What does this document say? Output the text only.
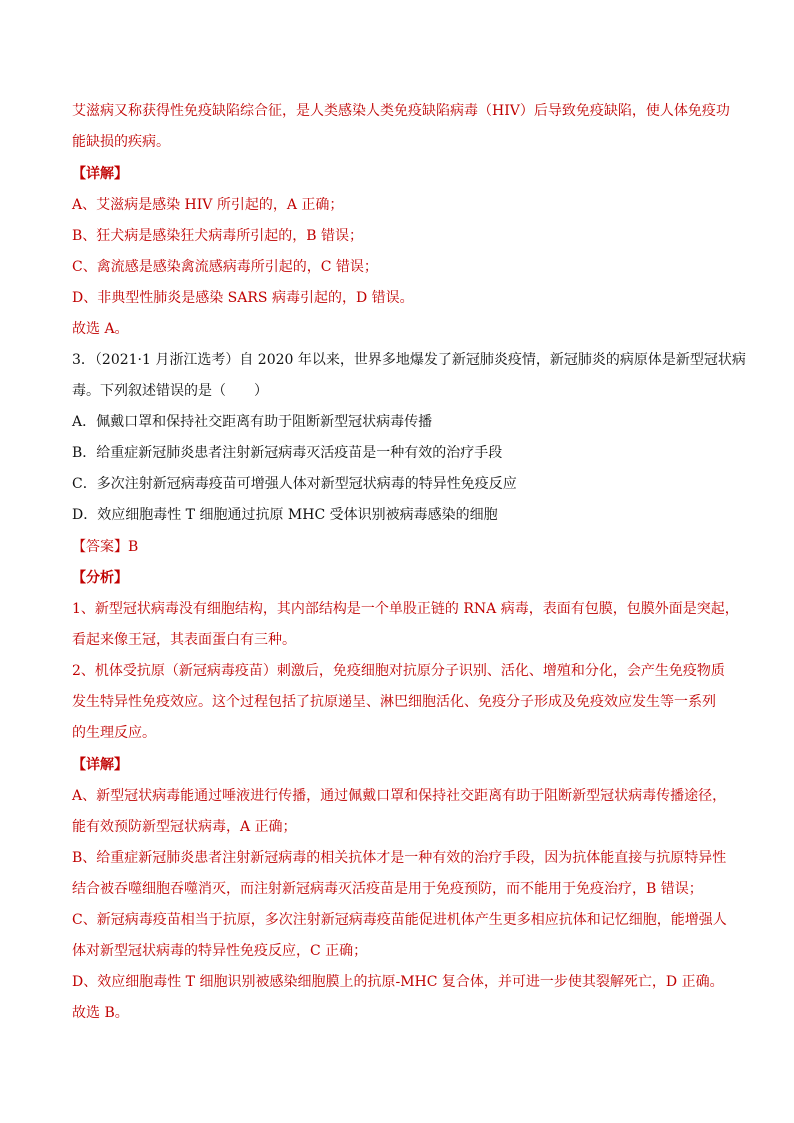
艾滋病又称获得性免疫缺陷综合征，是人类感染人类免疫缺陷病毒（HIV）后导致免疫缺陷，使人体免疫功
能缺损的疾病。
【详解】
A、艾滋病是感染 HIV 所引起的，A 正确；
B、狂犬病是感染狂犬病毒所引起的，B 错误；
C、禽流感是感染禽流感病毒所引起的，C 错误；
D、非典型性肺炎是感染 SARS 病毒引起的，D 错误。
故选 A。
3．（2021·1 月浙江选考）自 2020 年以来，世界多地爆发了新冠肺炎疫情，新冠肺炎的病原体是新型冠状病
毒。下列叙述错误的是（　　）
A．佩戴口罩和保持社交距离有助于阻断新型冠状病毒传播
B．给重症新冠肺炎患者注射新冠病毒灭活疫苗是一种有效的治疗手段
C．多次注射新冠病毒疫苗可增强人体对新型冠状病毒的特异性免疫反应
D．效应细胞毒性 T 细胞通过抗原 MHC 受体识别被病毒感染的细胞
【答案】B
【分析】
1、新型冠状病毒没有细胞结构，其内部结构是一个单股正链的 RNA 病毒，表面有包膜，包膜外面是突起，
看起来像王冠，其表面蛋白有三种。
2、机体受抗原（新冠病毒疫苗）刺激后，免疫细胞对抗原分子识别、活化、增殖和分化，会产生免疫物质
发生特异性免疫效应。这个过程包括了抗原递呈、淋巴细胞活化、免疫分子形成及免疫效应发生等一系列
的生理反应。
【详解】
A、新型冠状病毒能通过唾液进行传播，通过佩戴口罩和保持社交距离有助于阻断新型冠状病毒传播途径，
能有效预防新型冠状病毒，A 正确；
B、给重症新冠肺炎患者注射新冠病毒的相关抗体才是一种有效的治疗手段，因为抗体能直接与抗原特异性
结合被吞噬细胞吞噬消灭，而注射新冠病毒灭活疫苗是用于免疫预防，而不能用于免疫治疗，B 错误；
C、新冠病毒疫苗相当于抗原，多次注射新冠病毒疫苗能促进机体产生更多相应抗体和记忆细胞，能增强人
体对新型冠状病毒的特异性免疫反应，C 正确；
D、效应细胞毒性 T 细胞识别被感染细胞膜上的抗原-MHC 复合体，并可进一步使其裂解死亡，D 正确。
故选 B。
